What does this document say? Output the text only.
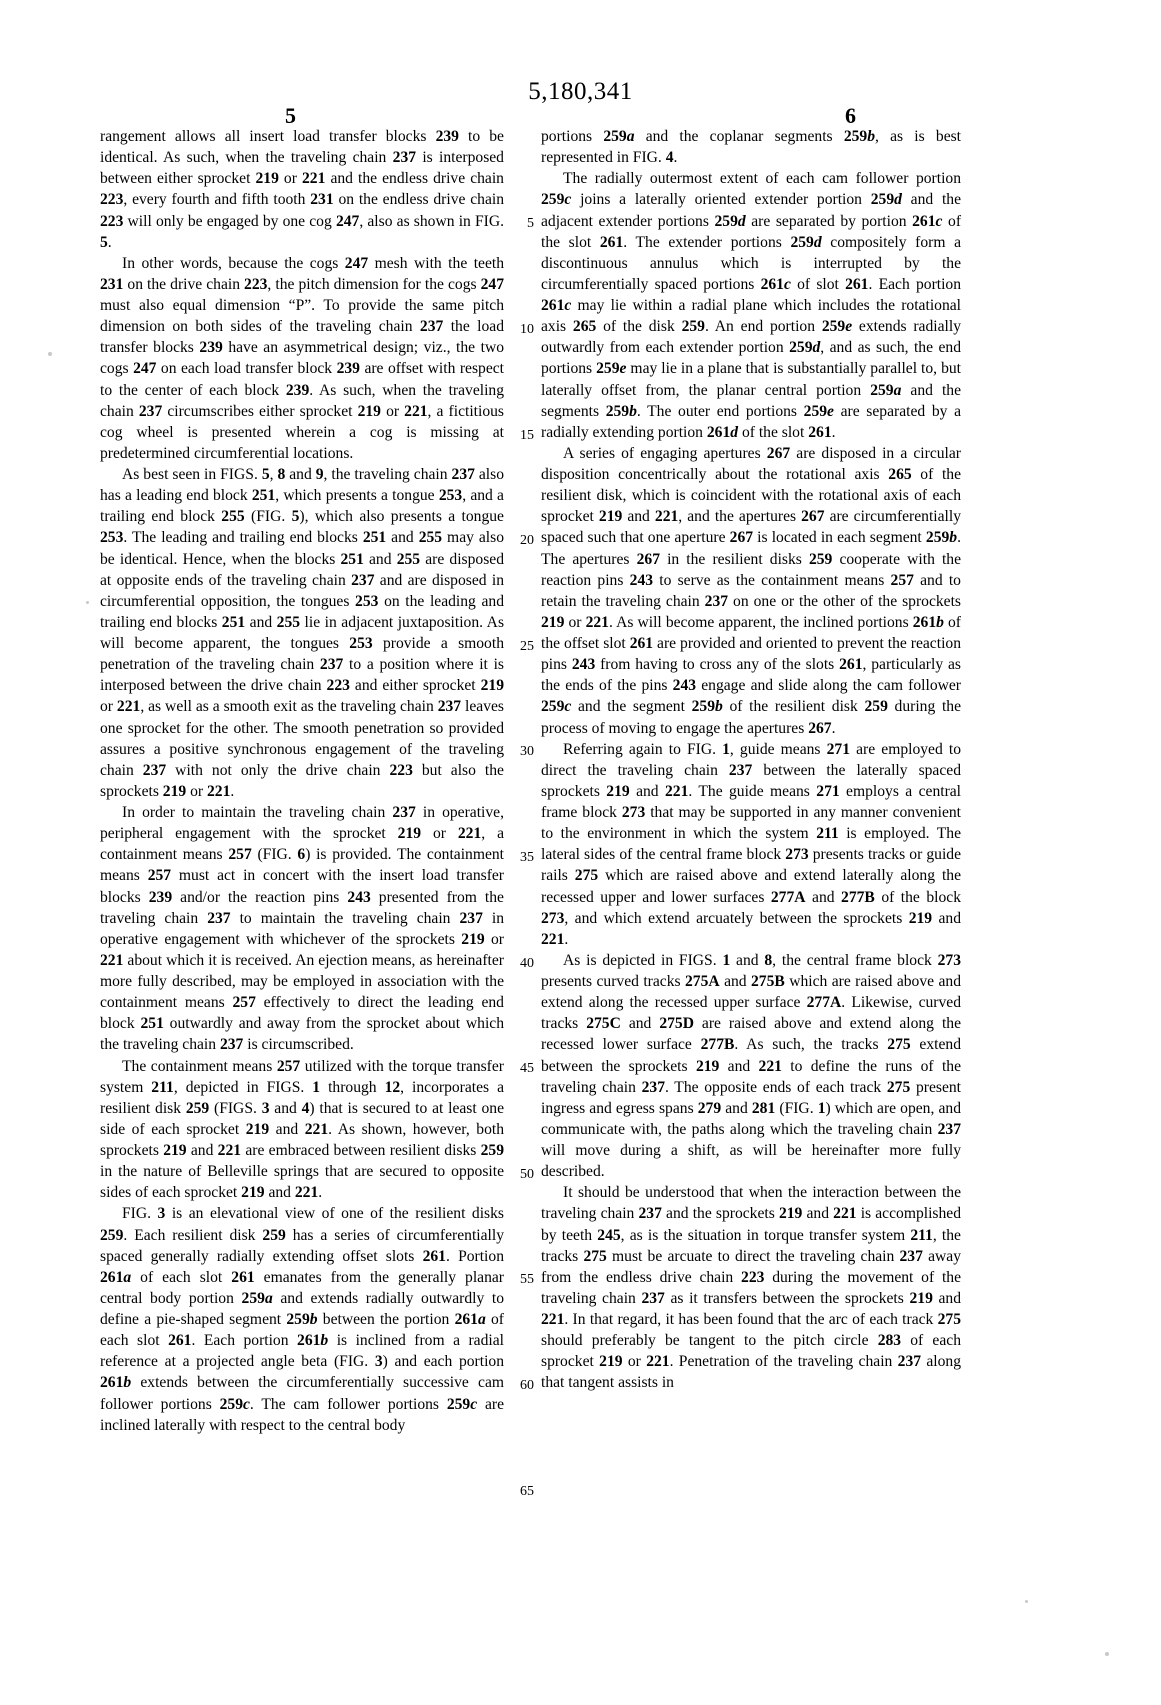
5,180,341
5	6

rangement allows all insert load transfer blocks 239 to be identical. As such, when the traveling chain 237 is interposed between either sprocket 219 or 221 and the endless drive chain 223, every fourth and fifth tooth 231 on the endless drive chain 223 will only be engaged by one cog 247, also as shown in FIG. 5.

In other words, because the cogs 247 mesh with the teeth 231 on the drive chain 223, the pitch dimension for the cogs 247 must also equal dimension “P”. To provide the same pitch dimension on both sides of the traveling chain 237 the load transfer blocks 239 have an asymmetrical design; viz., the two cogs 247 on each load transfer block 239 are offset with respect to the center of each block 239. As such, when the traveling chain 237 circumscribes either sprocket 219 or 221, a fictitious cog wheel is presented wherein a cog is missing at predetermined circumferential locations.

As best seen in FIGS. 5, 8 and 9, the traveling chain 237 also has a leading end block 251, which presents a tongue 253, and a trailing end block 255 (FIG. 5), which also presents a tongue 253. The leading and trailing end blocks 251 and 255 may also be identical. Hence, when the blocks 251 and 255 are disposed at opposite ends of the traveling chain 237 and are disposed in circumferential opposition, the tongues 253 on the leading and trailing end blocks 251 and 255 lie in adjacent juxtaposition. As will become apparent, the tongues 253 provide a smooth penetration of the traveling chain 237 to a position where it is interposed between the drive chain 223 and either sprocket 219 or 221, as well as a smooth exit as the traveling chain 237 leaves one sprocket for the other. The smooth penetration so provided assures a positive synchronous engagement of the traveling chain 237 with not only the drive chain 223 but also the sprockets 219 or 221.

In order to maintain the traveling chain 237 in operative, peripheral engagement with the sprocket 219 or 221, a containment means 257 (FIG. 6) is provided. The containment means 257 must act in concert with the insert load transfer blocks 239 and/or the reaction pins 243 presented from the traveling chain 237 to maintain the traveling chain 237 in operative engagement with whichever of the sprockets 219 or 221 about which it is received. An ejection means, as hereinafter more fully described, may be employed in association with the containment means 257 effectively to direct the leading end block 251 outwardly and away from the sprocket about which the traveling chain 237 is circumscribed.

The containment means 257 utilized with the torque transfer system 211, depicted in FIGS. 1 through 12, incorporates a resilient disk 259 (FIGS. 3 and 4) that is secured to at least one side of each sprocket 219 and 221. As shown, however, both sprockets 219 and 221 are embraced between resilient disks 259 in the nature of Belleville springs that are secured to opposite sides of each sprocket 219 and 221.

FIG. 3 is an elevational view of one of the resilient disks 259. Each resilient disk 259 has a series of circumferentially spaced generally radially extending offset slots 261. Portion 261a of each slot 261 emanates from the generally planar central body portion 259a and extends radially outwardly to define a pie-shaped segment 259b between the portion 261a of each slot 261. Each portion 261b is inclined from a radial reference at a projected angle beta (FIG. 3) and each portion 261b extends between the circumferentially successive cam follower portions 259c. The cam follower portions 259c are inclined laterally with respect to the central body

portions 259a and the coplanar segments 259b, as is best represented in FIG. 4.

The radially outermost extent of each cam follower portion 259c joins a laterally oriented extender portion 259d and the adjacent extender portions 259d are separated by portion 261c of the slot 261. The extender portions 259d compositely form a discontinuous annulus which is interrupted by the circumferentially spaced portions 261c of slot 261. Each portion 261c may lie within a radial plane which includes the rotational axis 265 of the disk 259. An end portion 259e extends radially outwardly from each extender portion 259d, and as such, the end portions 259e may lie in a plane that is substantially parallel to, but laterally offset from, the planar central portion 259a and the segments 259b. The outer end portions 259e are separated by a radially extending portion 261d of the slot 261.

A series of engaging apertures 267 are disposed in a circular disposition concentrically about the rotational axis 265 of the resilient disk, which is coincident with the rotational axis of each sprocket 219 and 221, and the apertures 267 are circumferentially spaced such that one aperture 267 is located in each segment 259b. The apertures 267 in the resilient disks 259 cooperate with the reaction pins 243 to serve as the containment means 257 and to retain the traveling chain 237 on one or the other of the sprockets 219 or 221. As will become apparent, the inclined portions 261b of the offset slot 261 are provided and oriented to prevent the reaction pins 243 from having to cross any of the slots 261, particularly as the ends of the pins 243 engage and slide along the cam follower 259c and the segment 259b of the resilient disk 259 during the process of moving to engage the apertures 267.

Referring again to FIG. 1, guide means 271 are employed to direct the traveling chain 237 between the laterally spaced sprockets 219 and 221. The guide means 271 employs a central frame block 273 that may be supported in any manner convenient to the environment in which the system 211 is employed. The lateral sides of the central frame block 273 presents tracks or guide rails 275 which are raised above and extend laterally along the recessed upper and lower surfaces 277A and 277B of the block 273, and which extend arcuately between the sprockets 219 and 221.

As is depicted in FIGS. 1 and 8, the central frame block 273 presents curved tracks 275A and 275B which are raised above and extend along the recessed upper surface 277A. Likewise, curved tracks 275C and 275D are raised above and extend along the recessed lower surface 277B. As such, the tracks 275 extend between the sprockets 219 and 221 to define the runs of the traveling chain 237. The opposite ends of each track 275 present ingress and egress spans 279 and 281 (FIG. 1) which are open, and communicate with, the paths along which the traveling chain 237 will move during a shift, as will be hereinafter more fully described.

It should be understood that when the interaction between the traveling chain 237 and the sprockets 219 and 221 is accomplished by teeth 245, as is the situation in torque transfer system 211, the tracks 275 must be arcuate to direct the traveling chain 237 away from the endless drive chain 223 during the movement of the traveling chain 237 as it transfers between the sprockets 219 and 221. In that regard, it has been found that the arc of each track 275 should preferably be tangent to the pitch circle 283 of each sprocket 219 or 221. Penetration of the traveling chain 237 along that tangent assists in

5
10
15
20
25
30
35
40
45
50
55
60
65
